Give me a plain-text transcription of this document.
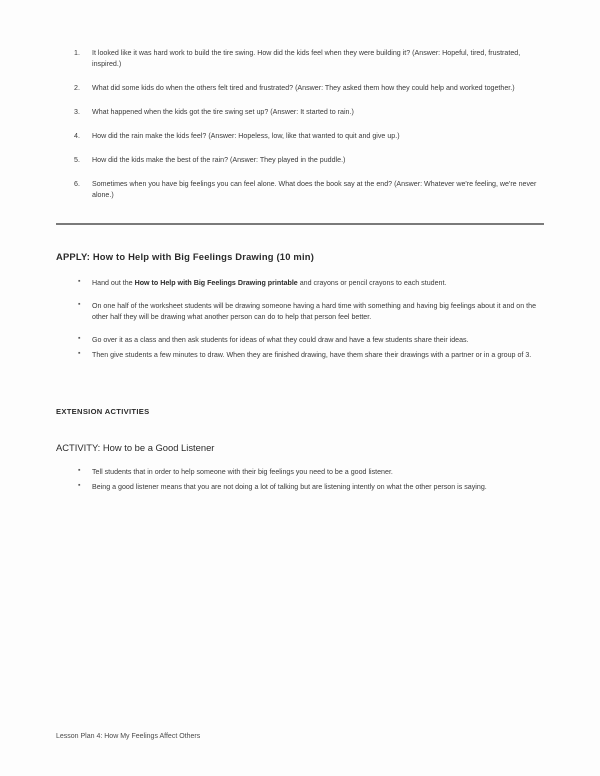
It looked like it was hard work to build the tire swing. How did the kids feel when they were building it? (Answer: Hopeful, tired, frustrated, inspired.)
What did some kids do when the others felt tired and frustrated? (Answer: They asked them how they could help and worked together.)
What happened when the kids got the tire swing set up? (Answer: It started to rain.)
How did the rain make the kids feel? (Answer: Hopeless, low, like that wanted to quit and give up.)
How did the kids make the best of the rain? (Answer: They played in the puddle.)
Sometimes when you have big feelings you can feel alone. What does the book say at the end? (Answer: Whatever we're feeling, we're never alone.)
APPLY: How to Help with Big Feelings Drawing (10 min)
▪ Hand out the How to Help with Big Feelings Drawing printable and crayons or pencil crayons to each student.
▪ On one half of the worksheet students will be drawing someone having a hard time with something and having big feelings about it and on the other half they will be drawing what another person can do to help that person feel better.
▪ Go over it as a class and then ask students for ideas of what they could draw and have a few students share their ideas.
▪ Then give students a few minutes to draw. When they are finished drawing, have them share their drawings with a partner or in a group of 3.
EXTENSION ACTIVITIES
ACTIVITY: How to be a Good Listener
▪ Tell students that in order to help someone with their big feelings you need to be a good listener.
▪ Being a good listener means that you are not doing a lot of talking but are listening intently on what the other person is saying.
Lesson Plan 4: How My Feelings Affect Others
